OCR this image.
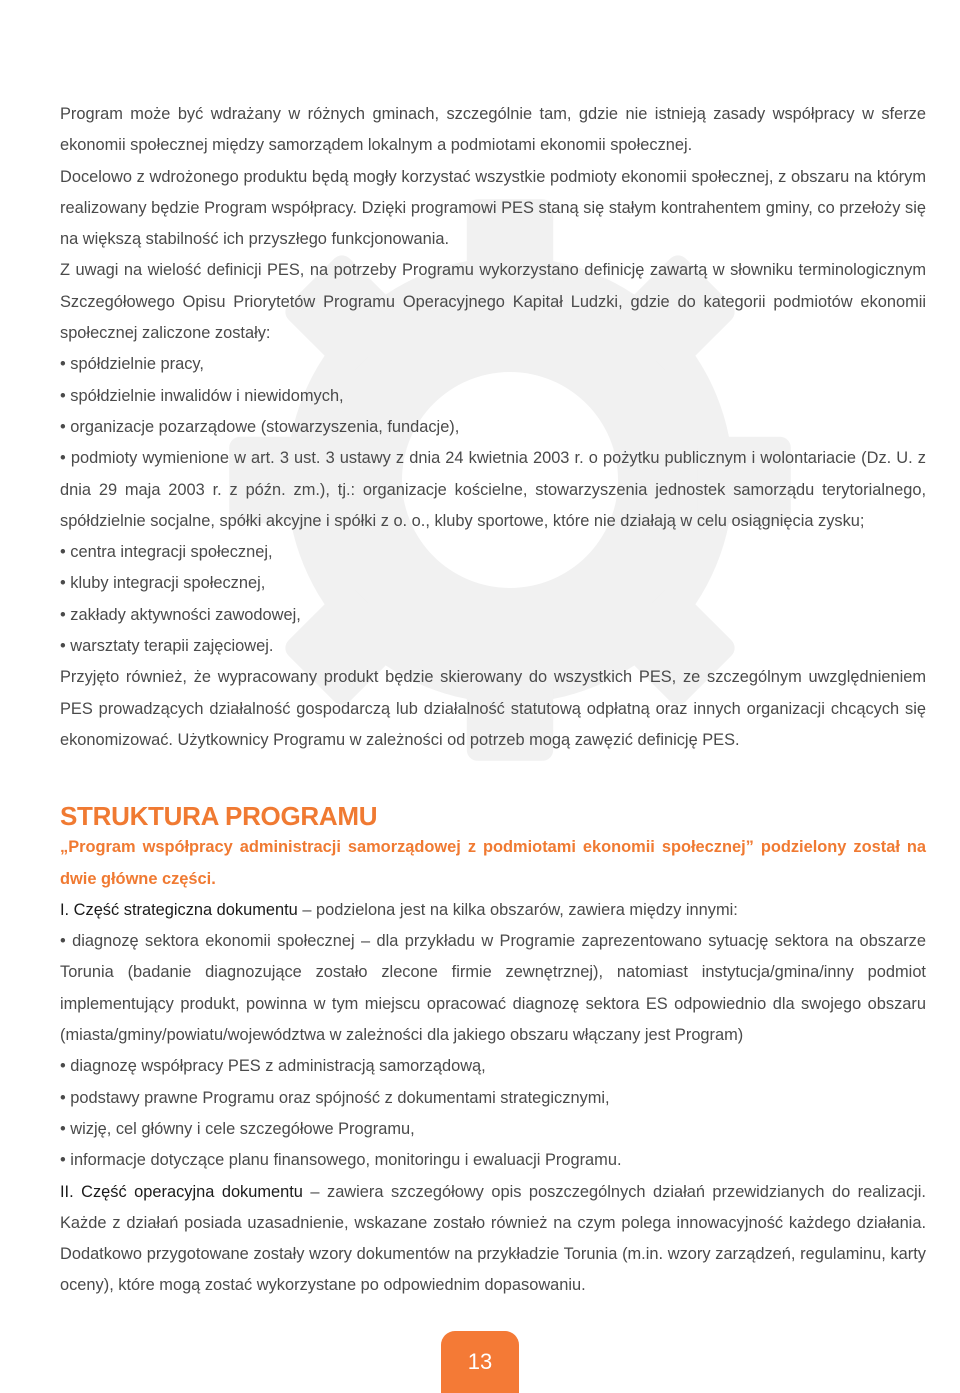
Program może być wdrażany w różnych gminach, szczególnie tam, gdzie nie istnieją zasady współpracy w sferze ekonomii społecznej między samorządem lokalnym a podmiotami ekonomii społecznej.

Docelowo z wdrożonego produktu będą mogły korzystać wszystkie podmioty ekonomii społecznej, z obszaru na którym realizowany będzie Program współpracy. Dzięki programowi PES staną się stałym kontrahentem gminy, co przełoży się na większą stabilność ich przyszłego funkcjonowania.

Z uwagi na wielość definicji PES, na potrzeby Programu wykorzystano definicję zawartą w słowniku terminologicznym Szczegółowego Opisu Priorytetów Programu Operacyjnego Kapitał Ludzki, gdzie do kategorii podmiotów ekonomii społecznej zaliczone zostały:

• spółdzielnie pracy,

• spółdzielnie inwalidów i niewidomych,

• organizacje pozarządowe (stowarzyszenia, fundacje),

• podmioty wymienione w art. 3 ust. 3 ustawy z dnia 24 kwietnia 2003 r. o pożytku publicznym i wolontariacie (Dz. U. z dnia 29 maja 2003 r. z późn. zm.), tj.: organizacje kościelne, stowarzyszenia jednostek samorządu terytorialnego, spółdzielnie socjalne, spółki akcyjne i spółki z o. o., kluby sportowe, które nie działają w celu osiągnięcia zysku;

• centra integracji społecznej,

• kluby integracji społecznej,

• zakłady aktywności zawodowej,

• warsztaty terapii zajęciowej.

Przyjęto również, że wypracowany produkt będzie skierowany do wszystkich PES, ze szczególnym uwzględnieniem PES prowadzących działalność gospodarczą lub działalność statutową odpłatną oraz innych organizacji chcących się ekonomizować. Użytkownicy Programu w zależności od potrzeb mogą zawęzić definicję PES.

STRUKTURA PROGRAMU

„Program współpracy administracji samorządowej z podmiotami ekonomii społecznej” podzielony został na dwie główne części.

I. Część strategiczna dokumentu – podzielona jest na kilka obszarów, zawiera między innymi:

• diagnozę sektora ekonomii społecznej – dla przykładu w Programie zaprezentowano sytuację sektora na obszarze Torunia (badanie diagnozujące zostało zlecone firmie zewnętrznej), natomiast instytucja/gmina/inny podmiot implementujący produkt, powinna w tym miejscu opracować diagnozę sektora ES odpowiednio dla swojego obszaru (miasta/gminy/powiatu/województwa w zależności dla jakiego obszaru włączany jest Program)

• diagnozę współpracy PES z administracją samorządową,

• podstawy prawne Programu oraz spójność z dokumentami strategicznymi,

• wizję, cel główny i cele szczegółowe Programu,

• informacje dotyczące planu finansowego, monitoringu i ewaluacji Programu.

II. Część operacyjna dokumentu – zawiera szczegółowy opis poszczególnych działań przewidzianych do realizacji. Każde z działań posiada uzasadnienie, wskazane zostało również na czym polega innowacyjność każdego działania. Dodatkowo przygotowane zostały wzory dokumentów na przykładzie Torunia (m.in. wzory zarządzeń, regulaminu, karty oceny), które mogą zostać wykorzystane po odpowiednim dopasowaniu.

13
